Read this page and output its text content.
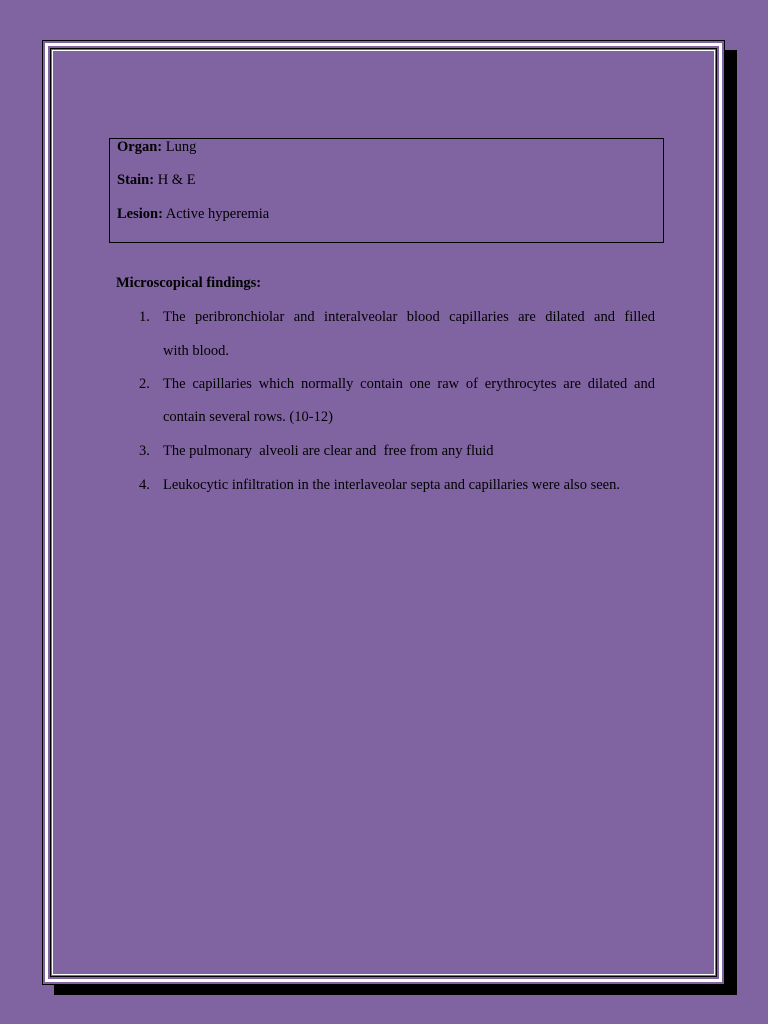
Organ: Lung
Stain: H & E
Lesion: Active hyperemia
Microscopical findings:
1. The peribronchiolar and interalveolar blood capillaries are dilated and filled
with blood.
2. The capillaries which normally contain one raw of erythrocytes are dilated and
contain several rows. (10-12)
3. The pulmonary  alveoli are clear and  free from any fluid
4. Leukocytic infiltration in the interlaveolar septa and capillaries were also seen.
